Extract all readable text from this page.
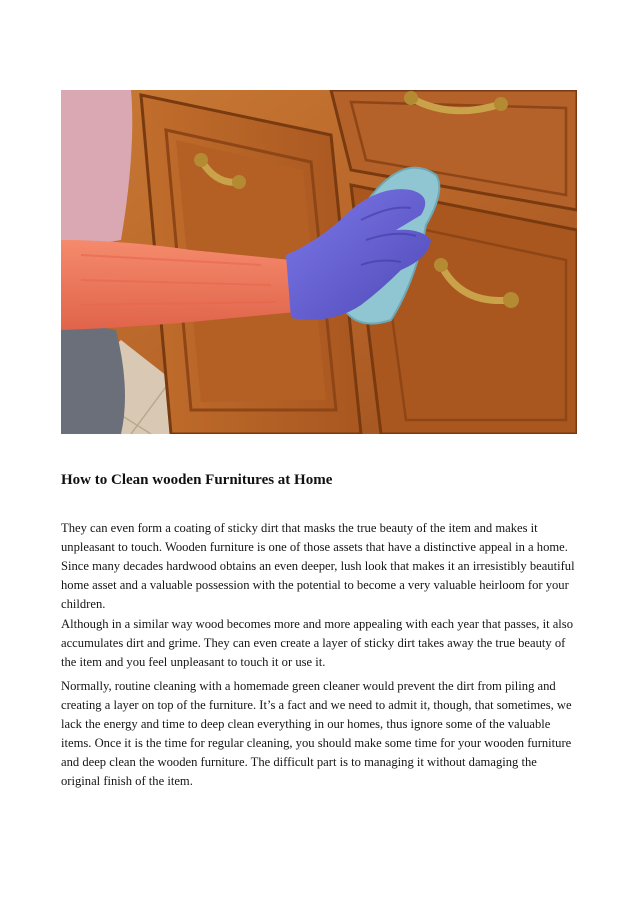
How to Clean wooden Furnitures at Home

They can even form a coating of sticky dirt that masks the true beauty of the item and makes it unpleasant to touch. Wooden furniture is one of those assets that have a distinctive appeal in a home. Since many decades hardwood obtains an even deeper, lush look that makes it an irresistibly beautiful home asset and a valuable possession with the potential to become a very valuable heirloom for your children.

Although in a similar way wood becomes more and more appealing with each year that passes, it also accumulates dirt and grime. They can even create a layer of sticky dirt takes away the true beauty of the item and you feel unpleasant to touch it or use it.

Normally, routine cleaning with a homemade green cleaner would prevent the dirt from piling and creating a layer on top of the furniture. It’s a fact and we need to admit it, though, that sometimes, we lack the energy and time to deep clean everything in our homes, thus ignore some of the valuable items. Once it is the time for regular cleaning, you should make some time for your wooden furniture and deep clean the wooden furniture. The difficult part is to managing it without damaging the original finish of the item.
